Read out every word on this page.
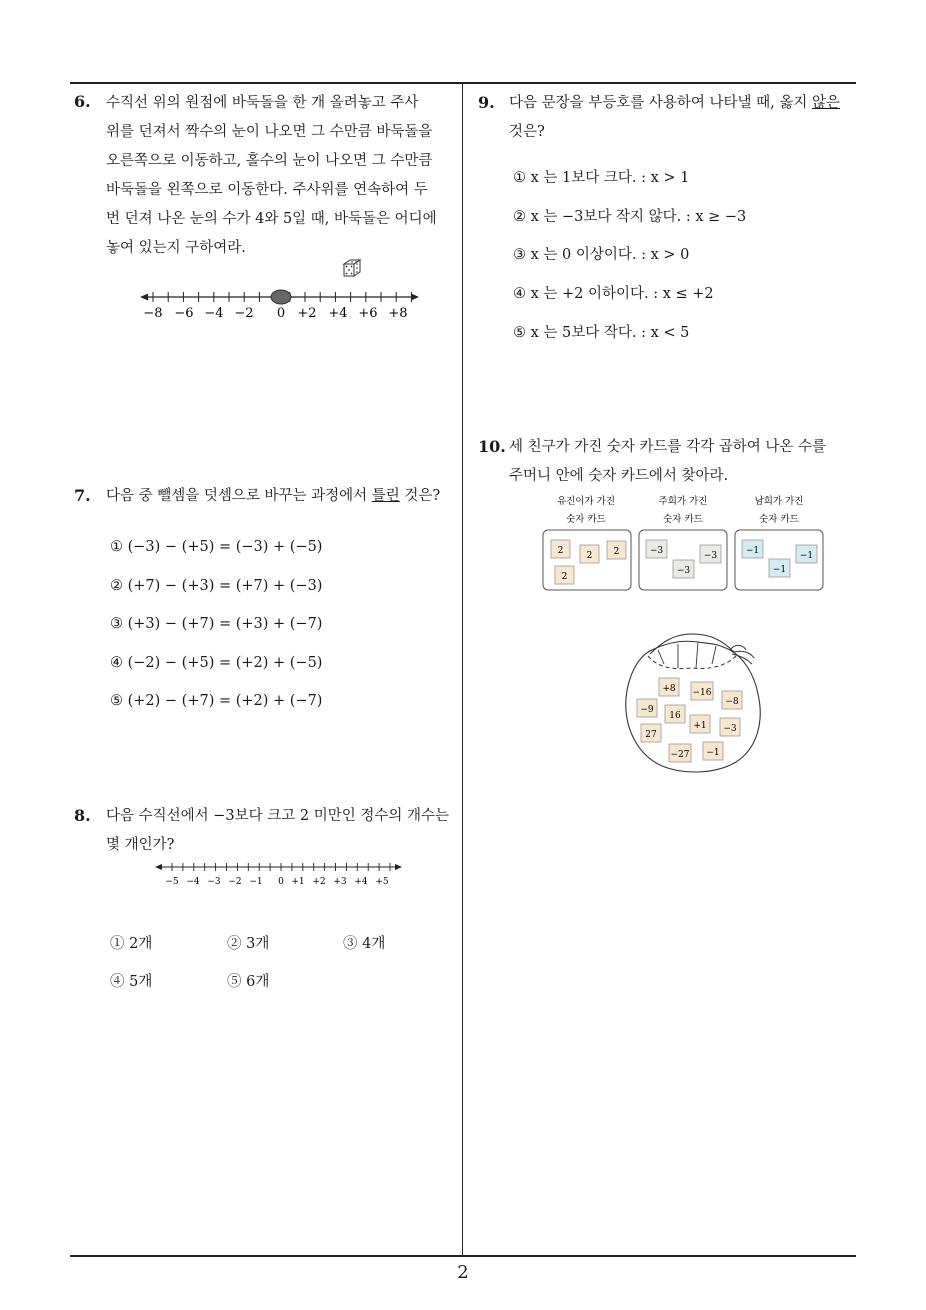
6. 수직선 위의 원점에 바둑돌을 한 개 올려놓고 주사
위를 던져서 짝수의 눈이 나오면 그 수만큼 바둑돌을
오른쪽으로 이동하고, 홀수의 눈이 나오면 그 수만큼
바둑돌을 왼쪽으로 이동한다. 주사위를 연속하여 두
번 던져 나온 눈의 수가 4와 5일 때, 바둑돌은 어디에
놓여 있는지 구하여라.
−8 −6 −4 −2 0 +2 +4 +6 +8
7. 다음 중 뺄셈을 덧셈으로 바꾸는 과정에서 틀린 것은?
① (−3) − (+5) = (−3) + (−5)
② (+7) − (+3) = (+7) + (−3)
③ (+3) − (+7) = (+3) + (−7)
④ (−2) − (+5) = (+2) + (−5)
⑤ (+2) − (+7) = (+2) + (−7)
8. 다음 수직선에서 −3보다 크고 2 미만인 정수의 개수는
몇 개인가?
−5 −4 −3 −2 −1 0 +1 +2 +3 +4 +5
① 2개	② 3개	③ 4개
④ 5개	⑤ 6개
9. 다음 문장을 부등호를 사용하여 나타낼 때, 옳지 않은
것은?
① x 는 1보다 크다. : x > 1
② x 는 −3보다 작지 않다. : x ≥ −3
③ x 는 0 이상이다. : x > 0
④ x 는 +2 이하이다. : x ≤ +2
⑤ x 는 5보다 작다. : x < 5
10. 세 친구가 가진 숫자 카드를 각각 곱하여 나온 수를
주머니 안에 숫자 카드에서 찾아라.
유진이가 가진
숫자 카드
주희가 가진
숫자 카드
남희가 가진
숫자 카드
2	2 2
2
−3	−3
−3
−1	−1
−1
+8 −16
−8
−9
16
+1 −3
27
−27 −1
2
